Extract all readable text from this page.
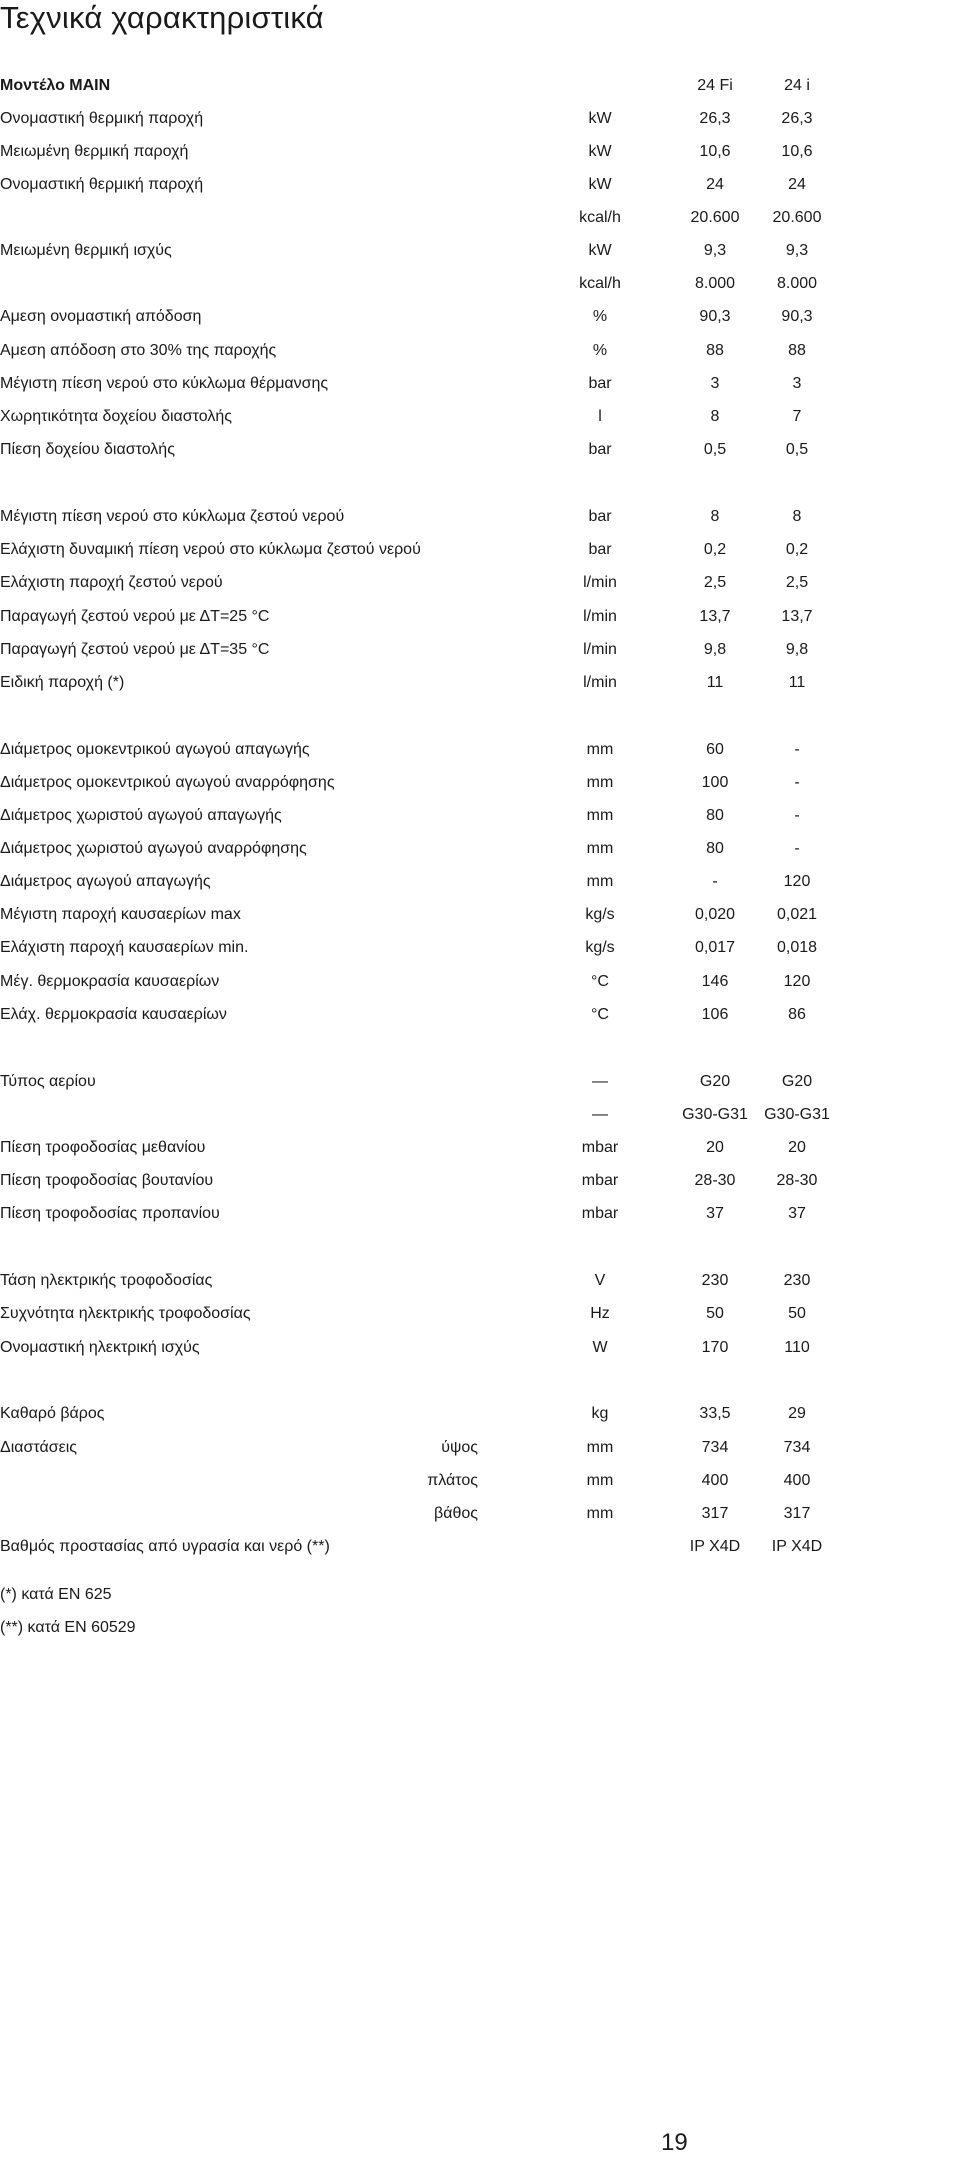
Τεχνικά χαρακτηριστικά
Μοντέλο MAIN	24 Fi	24 i
Ονομαστική θερμική παροχή	kW	26,3	26,3
Μειωμένη θερμική παροχή	kW	10,6	10,6
Ονομαστική θερμική παροχή	kW	24	24
kcal/h	20.600	20.600
Μειωμένη θερμική ισχύς	kW	9,3	9,3
kcal/h	8.000	8.000
Αμεση ονομαστική απόδοση	%	90,3	90,3
Αμεση απόδοση στο 30% της παροχής	%	88	88
Μέγιστη πίεση νερού στο κύκλωμα θέρμανσης	bar	3	3
Χωρητικότητα δοχείου διαστολής	l	8	7
Πίεση δοχείου διαστολής	bar	0,5	0,5
Μέγιστη πίεση νερού στο κύκλωμα ζεστού νερού	bar	8	8
Ελάχιστη δυναμική πίεση νερού στο κύκλωμα ζεστού νερού	bar	0,2	0,2
Ελάχιστη παροχή ζεστού νερού	l/min	2,5	2,5
Παραγωγή ζεστού νερού με ΔT=25 °C	l/min	13,7	13,7
Παραγωγή ζεστού νερού με ΔT=35 °C	l/min	9,8	9,8
Ειδική παροχή (*)	l/min	11	11
Διάμετρος ομοκεντρικού αγωγού απαγωγής	mm	60	-
Διάμετρος ομοκεντρικού αγωγού αναρρόφησης	mm	100	-
Διάμετρος χωριστού αγωγού απαγωγής	mm	80	-
Διάμετρος χωριστού αγωγού αναρρόφησης	mm	80	-
Διάμετρος αγωγού απαγωγής	mm	-	120
Μέγιστη παροχή καυσαερίων max	kg/s	0,020	0,021
Ελάχιστη παροχή καυσαερίων min.	kg/s	0,017	0,018
Μέγ. θερμοκρασία καυσαερίων	°C	146	120
Ελάχ. θερμοκρασία καυσαερίων	°C	106	86
Τύπος αερίου	—	G20	G20
—	G30-G31	G30-G31
Πίεση τροφοδοσίας μεθανίου	mbar	20	20
Πίεση τροφοδοσίας βουτανίου	mbar	28-30	28-30
Πίεση τροφοδοσίας προπανίου	mbar	37	37
Τάση ηλεκτρικής τροφοδοσίας	V	230	230
Συχνότητα ηλεκτρικής τροφοδοσίας	Hz	50	50
Ονομαστική ηλεκτρική ισχύς	W	170	110
Καθαρό βάρος	kg	33,5	29
Διαστάσεις	ύψος	mm	734	734
πλάτος	mm	400	400
βάθος	mm	317	317
Βαθμός προστασίας από υγρασία και νερό (**)	IP X4D	IP X4D
(*) κατά EN 625
(**) κατά EN 60529
19
